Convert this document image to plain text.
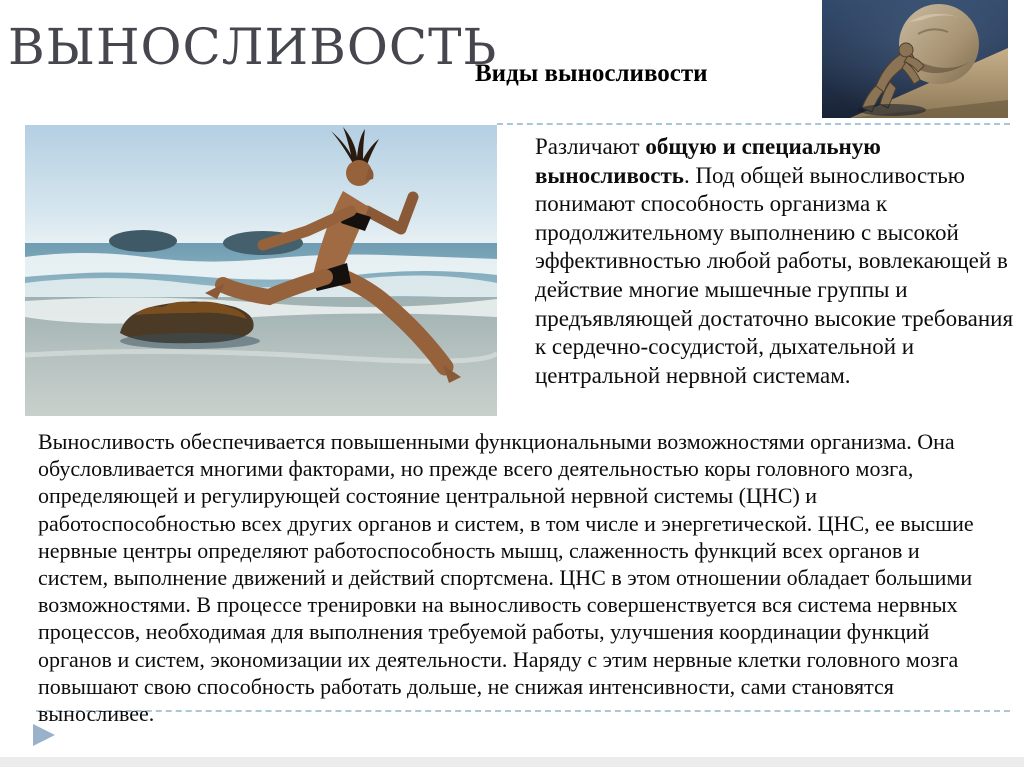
ВЫНОСЛИВОСТЬ
Виды выносливости

Различают общую и специальную выносливость. Под общей выносливостью понимают способность организма к продолжительному выполнению с высокой эффективностью любой работы, вовлекающей в действие многие мышечные группы и предъявляющей достаточно высокие требования к сердечно-сосудистой, дыхательной и центральной нервной системам.

Выносливость обеспечивается повышенными функциональными возможностями организма. Она обусловливается многими факторами, но прежде всего деятельностью коры головного мозга, определяющей и регулирующей состояние центральной нервной системы (ЦНС) и работоспособностью всех других органов и систем, в том числе и энергетической. ЦНС, ее высшие нервные центры определяют работоспособность мышц, слаженность функций всех органов и систем, выполнение движений и действий спортсмена. ЦНС в этом отношении обладает большими возможностями. В процессе тренировки на выносливость совершенствуется вся система нервных процессов, необходимая для выполнения требуемой работы, улучшения координации функций органов и систем, экономизации их деятельности. Наряду с этим нервные клетки головного мозга повышают свою способность работать дольше, не снижая интенсивности, сами становятся выносливее.
